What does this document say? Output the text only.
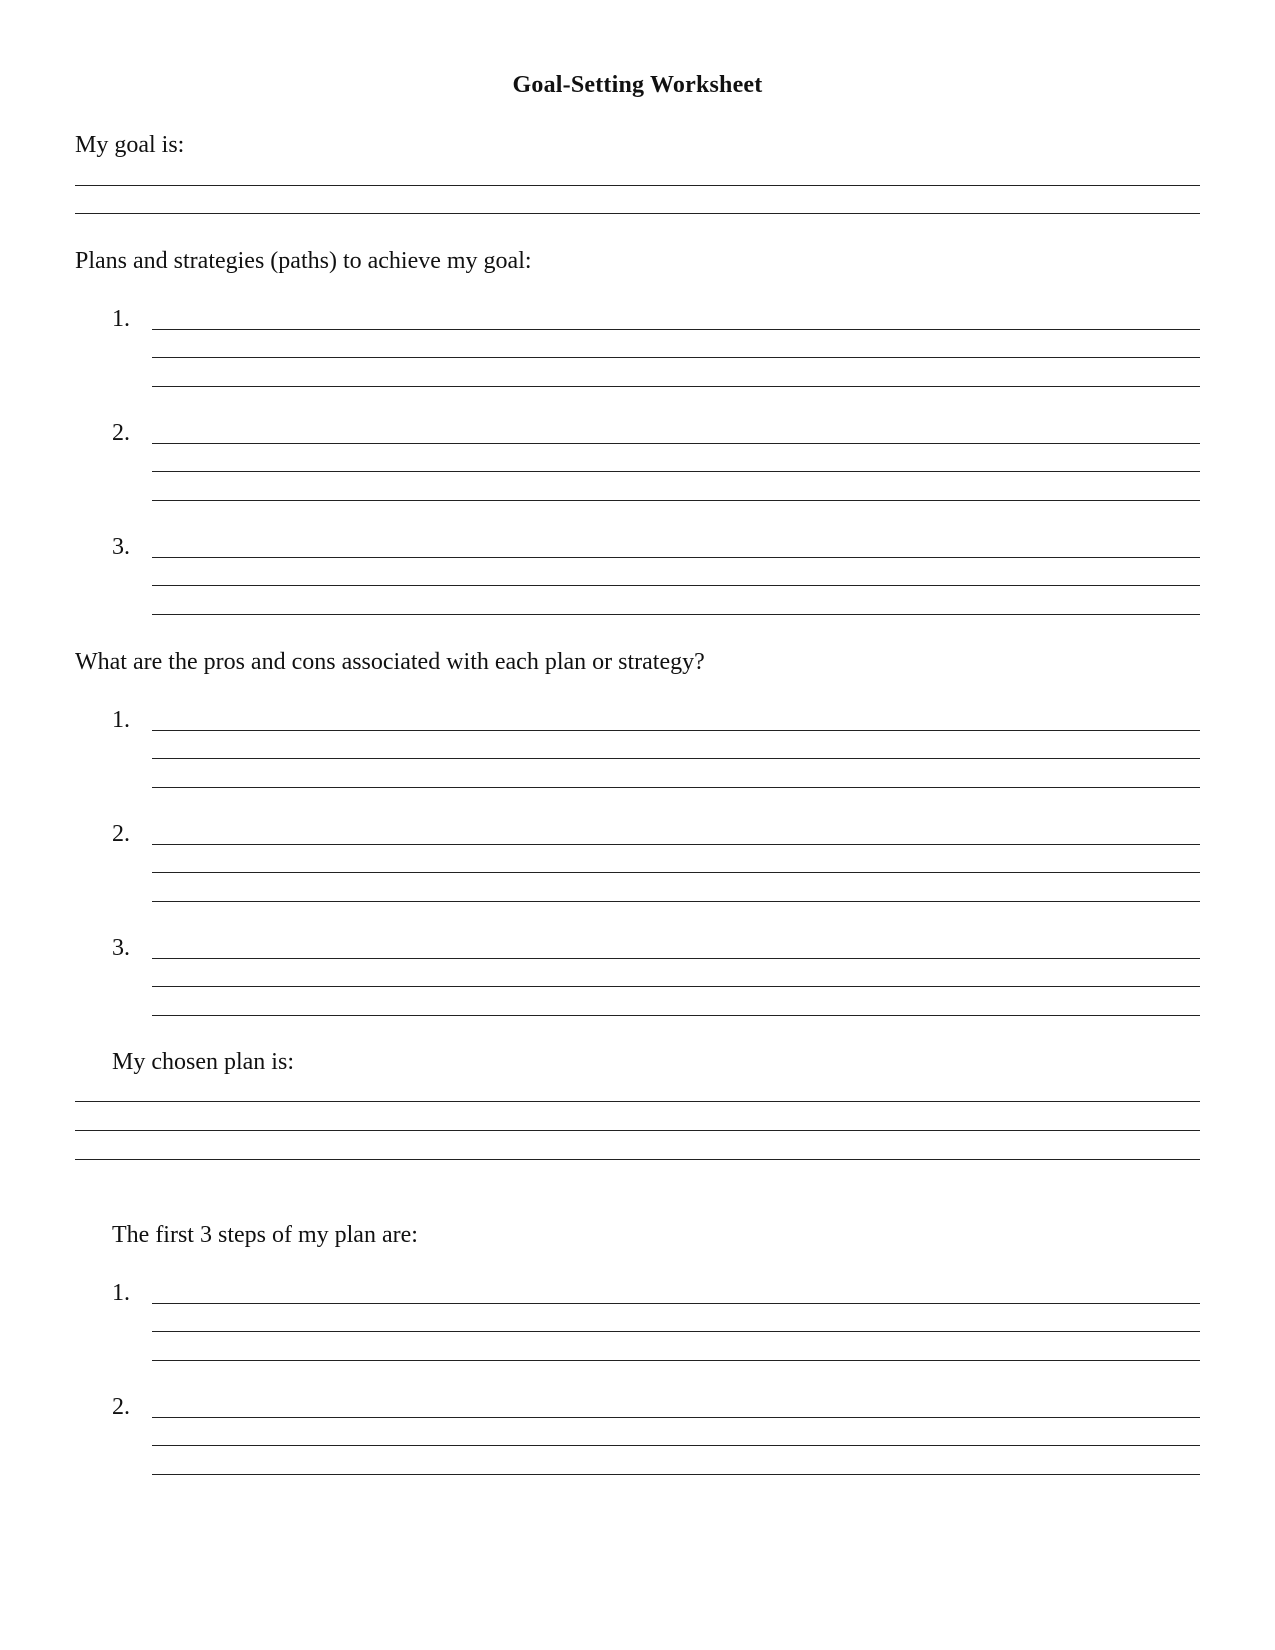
Goal-Setting Worksheet
My goal is:
Plans and strategies (paths) to achieve my goal:
1.
2.
3.
What are the pros and cons associated with each plan or strategy?
1.
2.
3.
My chosen plan is:
The first 3 steps of my plan are:
1.
2.
